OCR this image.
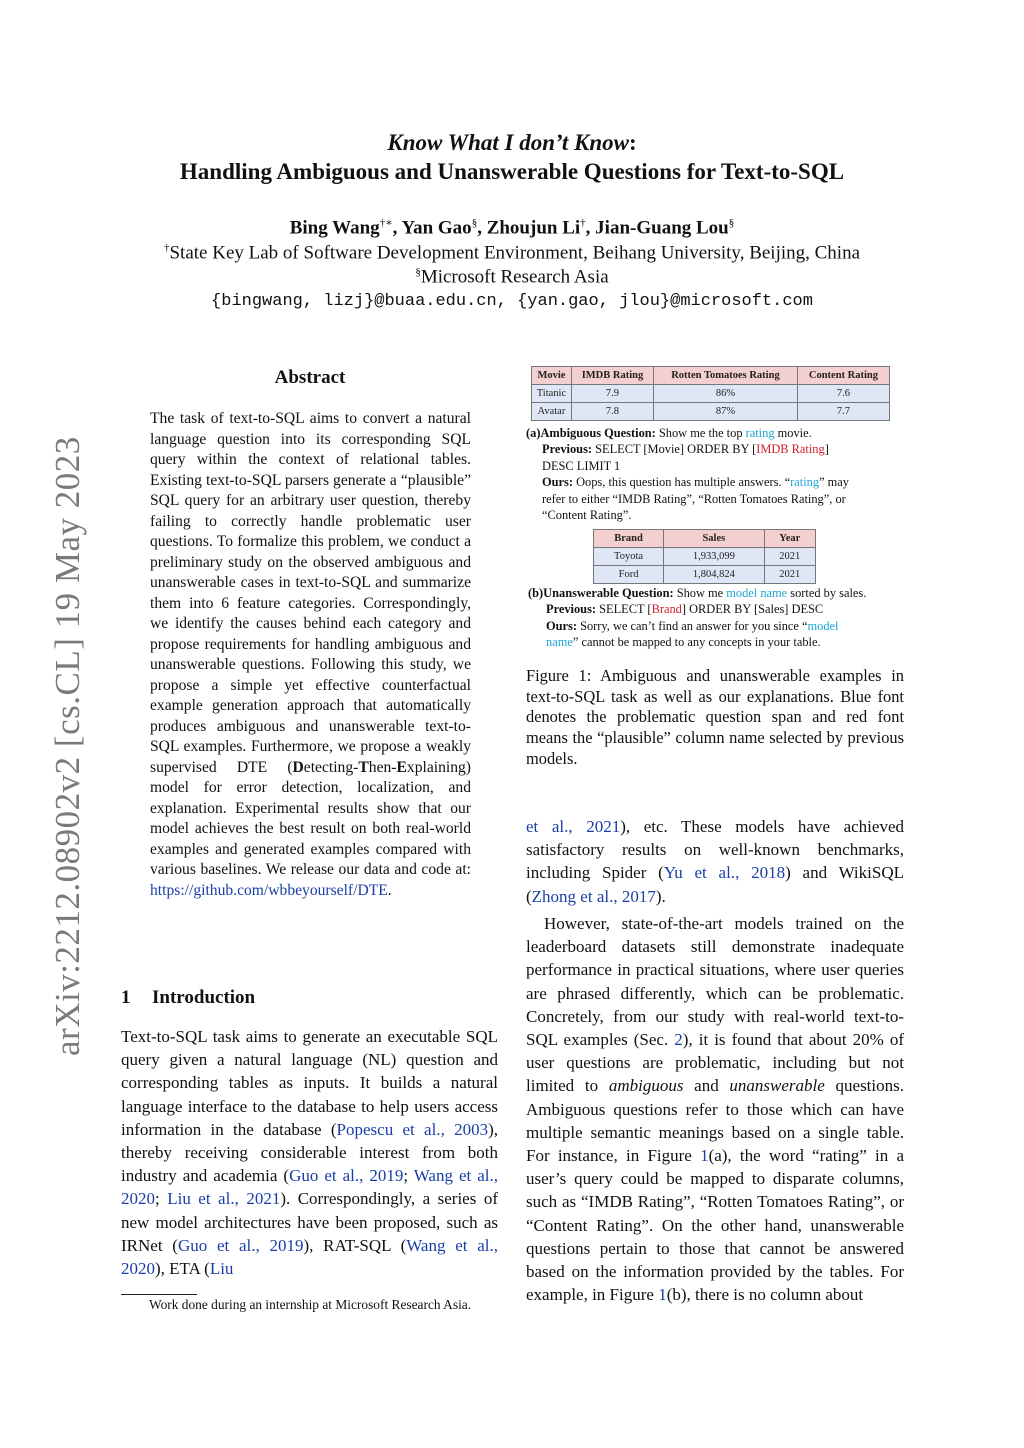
arXiv:2212.08902v2 [cs.CL] 19 May 2023
Know What I don’t Know:
Handling Ambiguous and Unanswerable Questions for Text-to-SQL
Bing Wang†∗, Yan Gao§, Zhoujun Li†, Jian-Guang Lou§
†State Key Lab of Software Development Environment, Beihang University, Beijing, China
§Microsoft Research Asia
{bingwang, lizj}@buaa.edu.cn, {yan.gao, jlou}@microsoft.com
Abstract
The task of text-to-SQL aims to convert a natural language question into its corresponding SQL query within the context of relational tables. Existing text-to-SQL parsers generate a “plausible” SQL query for an arbitrary user question, thereby failing to correctly handle problematic user questions. To formalize this problem, we conduct a preliminary study on the observed ambiguous and unanswerable cases in text-to-SQL and summarize them into 6 feature categories. Correspondingly, we identify the causes behind each category and propose requirements for handling ambiguous and unanswerable questions. Following this study, we propose a simple yet effective counterfactual example generation approach that automatically produces ambiguous and unanswerable text-to-SQL examples. Furthermore, we propose a weakly supervised DTE (Detecting-Then-Explaining) model for error detection, localization, and explanation. Experimental results show that our model achieves the best result on both real-world examples and generated examples compared with various baselines. We release our data and code at: https://github.com/wbbeyourself/DTE.
1 Introduction
Text-to-SQL task aims to generate an executable SQL query given a natural language (NL) question and corresponding tables as inputs. It builds a natural language interface to the database to help users access information in the database (Popescu et al., 2003), thereby receiving considerable interest from both industry and academia (Guo et al., 2019; Wang et al., 2020; Liu et al., 2021). Correspondingly, a series of new model architectures have been proposed, such as IRNet (Guo et al., 2019), RAT-SQL (Wang et al., 2020), ETA (Liu
Work done during an internship at Microsoft Research Asia.
Movie	IMDB Rating	Rotten Tomatoes Rating	Content Rating
Titanic	7.9	86%	7.6
Avatar	7.8	87%	7.7
(a)Ambiguous Question: Show me the top rating movie.
Previous: SELECT [Movie] ORDER BY [IMDB Rating]
DESC LIMIT 1
Ours: Oops, this question has multiple answers. “rating” may
refer to either “IMDB Rating”, “Rotten Tomatoes Rating”, or
“Content Rating”.
Brand	Sales	Year
Toyota	1,933,099	2021
Ford	1,804,824	2021
(b)Unanswerable Question: Show me model name sorted by sales.
Previous: SELECT [Brand] ORDER BY [Sales] DESC
Ours: Sorry, we can’t find an answer for you since “model
name” cannot be mapped to any concepts in your table.
Figure 1: Ambiguous and unanswerable examples in text-to-SQL task as well as our explanations. Blue font denotes the problematic question span and red font means the “plausible” column name selected by previous models.
et al., 2021), etc. These models have achieved satisfactory results on well-known benchmarks, including Spider (Yu et al., 2018) and WikiSQL (Zhong et al., 2017).
However, state-of-the-art models trained on the leaderboard datasets still demonstrate inadequate performance in practical situations, where user queries are phrased differently, which can be problematic. Concretely, from our study with real-world text-to-SQL examples (Sec. 2), it is found that about 20% of user questions are problematic, including but not limited to ambiguous and unanswerable questions. Ambiguous questions refer to those which can have multiple semantic meanings based on a single table. For instance, in Figure 1(a), the word “rating” in a user’s query could be mapped to disparate columns, such as “IMDB Rating”, “Rotten Tomatoes Rating”, or “Content Rating”. On the other hand, unanswerable questions pertain to those that cannot be answered based on the information provided by the tables. For example, in Figure 1(b), there is no column about
